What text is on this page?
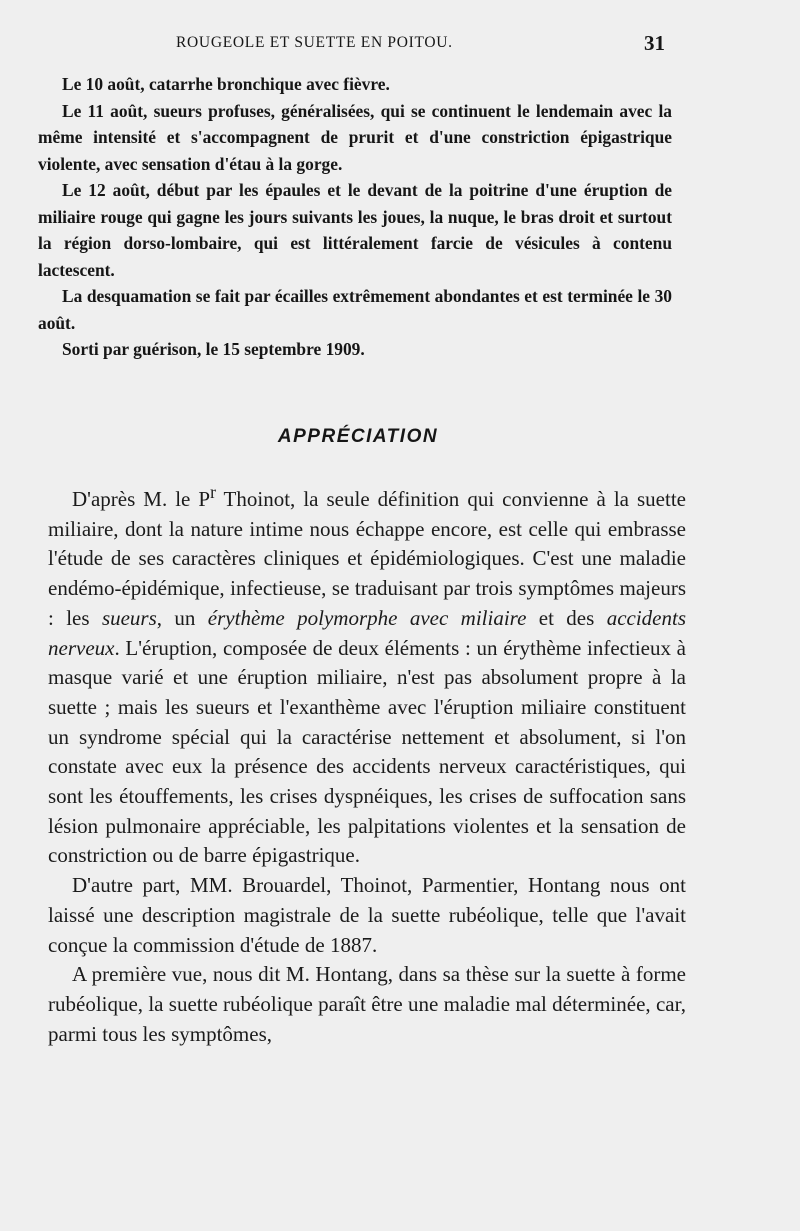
ROUGEOLE ET SUETTE EN POITOU.	31

Le 10 août, catarrhe bronchique avec fièvre.

Le 11 août, sueurs profuses, généralisées, qui se continuent le lendemain avec la même intensité et s'accompagnent de prurit et d'une constriction épigastrique violente, avec sensation d'étau à la gorge.

Le 12 août, début par les épaules et le devant de la poitrine d'une éruption de miliaire rouge qui gagne les jours suivants les joues, la nuque, le bras droit et surtout la région dorso-lombaire, qui est littéralement farcie de vésicules à contenu lactescent.

La desquamation se fait par écailles extrêmement abondantes et est terminée le 30 août.

Sorti par guérison, le 15 septembre 1909.

APPRÉCIATION

D'après M. le $P^r$ Thoinot, la seule définition qui convienne à la suette miliaire, dont la nature intime nous échappe encore, est celle qui embrasse l'étude de ses caractères cliniques et épidémiologiques. C'est une maladie endémo-épidémique, infectieuse, se traduisant par trois symptômes majeurs : les sueurs, un érythème polymorphe avec miliaire et des accidents nerveux. L'éruption, composée de deux éléments : un érythème infectieux à masque varié et une éruption miliaire, n'est pas absolument propre à la suette ; mais les sueurs et l'exanthème avec l'éruption miliaire constituent un syndrome spécial qui la caractérise nettement et absolument, si l'on constate avec eux la présence des accidents nerveux caractéristiques, qui sont les étouffements, les crises dyspnéiques, les crises de suffocation sans lésion pulmonaire appréciable, les palpitations violentes et la sensation de constriction ou de barre épigastrique.

D'autre part, MM. Brouardel, Thoinot, Parmentier, Hontang nous ont laissé une description magistrale de la suette rubéolique, telle que l'avait conçue la commission d'étude de 1887.

A première vue, nous dit M. Hontang, dans sa thèse sur la suette à forme rubéolique, la suette rubéolique paraît être une maladie mal déterminée, car, parmi tous les symptômes,
